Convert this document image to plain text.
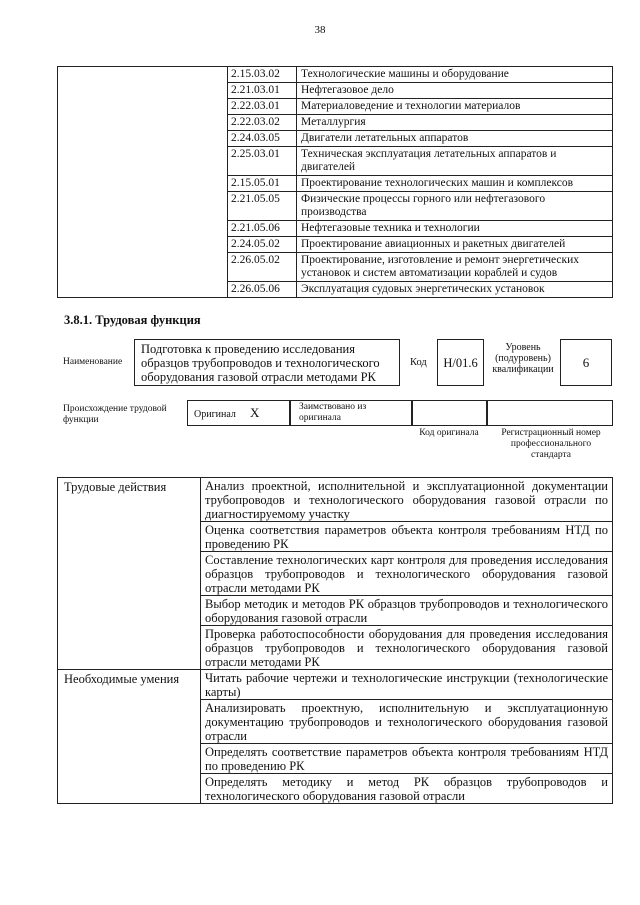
38
	2.15.03.02	Технологические машины и оборудование
	2.21.03.01	Нефтегазовое дело
	2.22.03.01	Материаловедение и технологии материалов
	2.22.03.02	Металлургия
	2.24.03.05	Двигатели летательных аппаратов
	2.25.03.01	Техническая эксплуатация летательных аппаратов и двигателей
	2.15.05.01	Проектирование технологических машин и комплексов
	2.21.05.05	Физические процессы горного или нефтегазового производства
	2.21.05.06	Нефтегазовые техника и технологии
	2.24.05.02	Проектирование авиационных и ракетных двигателей
	2.26.05.02	Проектирование, изготовление и ремонт энергетических установок и систем автоматизации кораблей и судов
	2.26.05.06	Эксплуатация судовых энергетических установок
3.8.1. Трудовая функция
Наименование
Подготовка к проведению исследования образцов трубопроводов и технологического оборудования газовой отрасли методами РК
Код Н/01.6
Уровень (подуровень) квалификации	6
Происхождение трудовой функции	Оригинал X	Заимствовано из оригинала
Код оригинала	Регистрационный номер профессионального стандарта
Трудовые действия	Анализ проектной, исполнительной и эксплуатационной документации трубопроводов и технологического оборудования газовой отрасли по диагностируемому участку
	Оценка соответствия параметров объекта контроля требованиям НТД по проведению РК
	Составление технологических карт контроля для проведения исследования образцов трубопроводов и технологического оборудования газовой отрасли методами РК
	Выбор методик и методов РК образцов трубопроводов и технологического оборудования газовой отрасли
	Проверка работоспособности оборудования для проведения исследования образцов трубопроводов и технологического оборудования газовой отрасли методами РК
Необходимые умения	Читать рабочие чертежи и технологические инструкции (технологические карты)
	Анализировать проектную, исполнительную и эксплуатационную документацию трубопроводов и технологического оборудования газовой отрасли
	Определять соответствие параметров объекта контроля требованиям НТД по проведению РК
	Определять методику и метод РК образцов трубопроводов и технологического оборудования газовой отрасли
